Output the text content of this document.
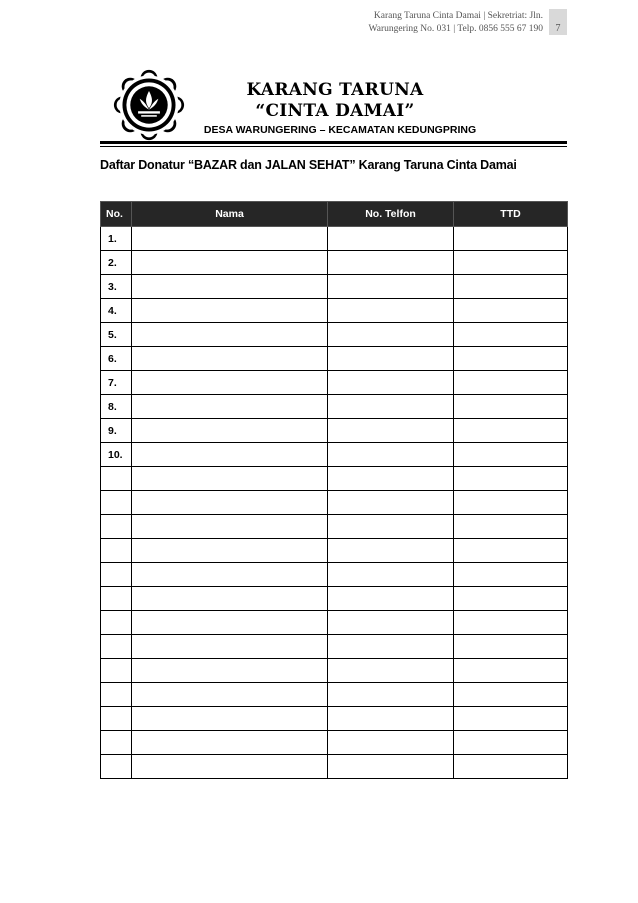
Karang Taruna Cinta Damai | Sekretriat: Jln.
Warungering No. 031 | Telp. 0856 555 67 190	7
KARANG TARUNA
“CINTA DAMAI”
DESA WARUNGERING – KECAMATAN KEDUNGPRING
Daftar Donatur “BAZAR dan JALAN SEHAT” Karang Taruna Cinta Damai
No.	Nama	No. Telfon	TTD
1.			
2.			
3.			
4.			
5.			
6.			
7.			
8.			
9.			
10.			
